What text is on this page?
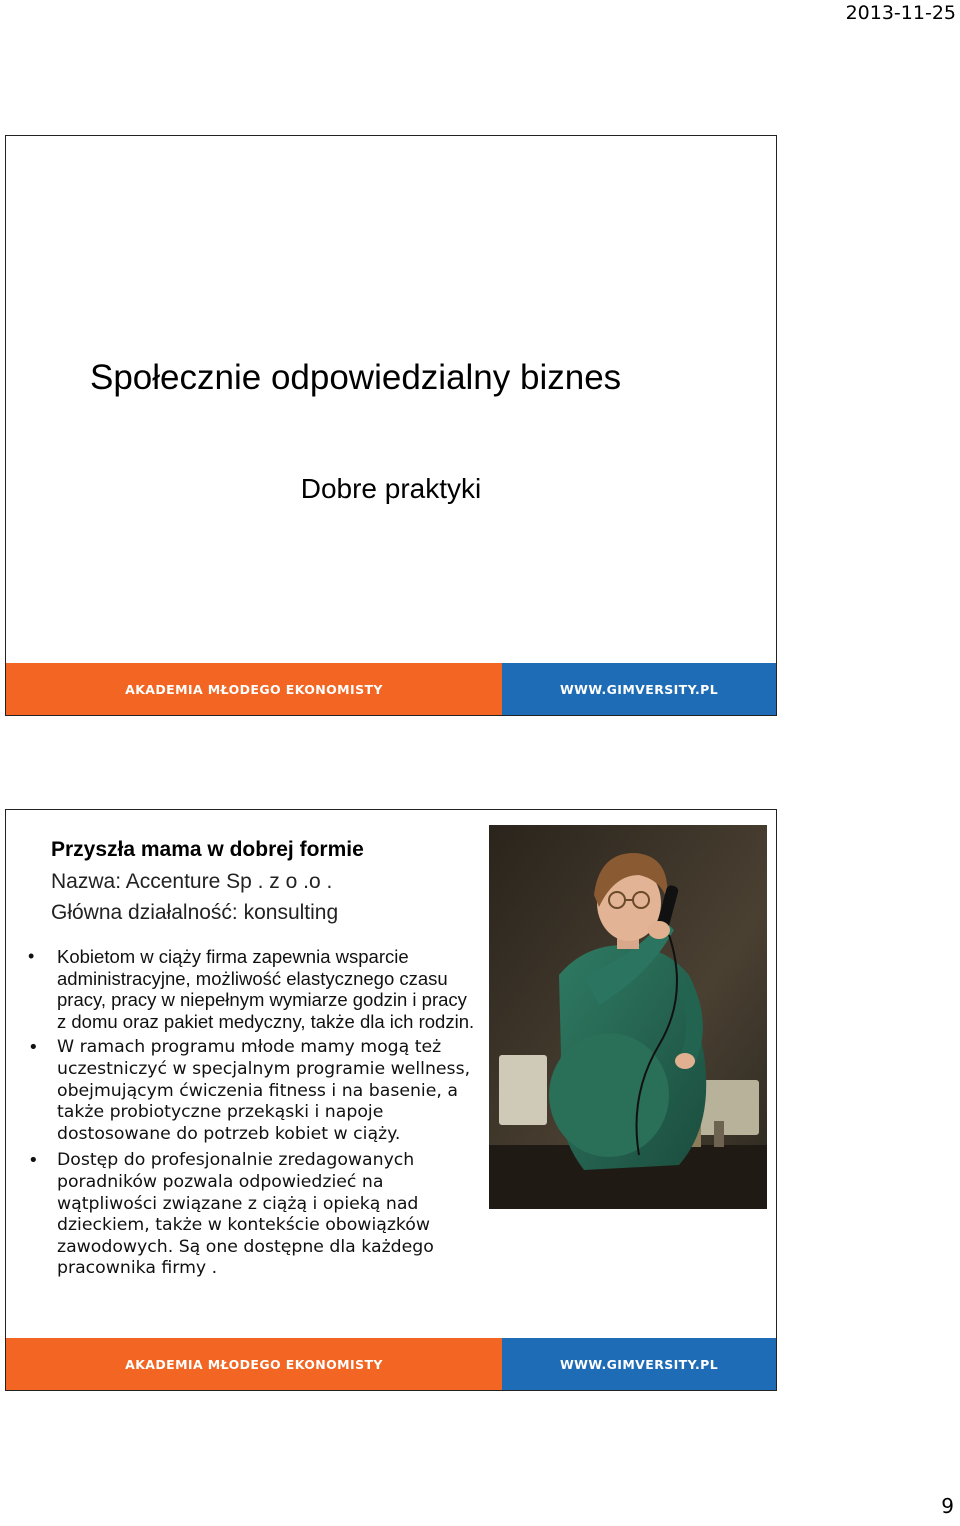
2013-11-25
Społecznie odpowiedzialny biznes
Dobre praktyki
AKADEMIA MŁODEGO EKONOMISTY	WWW.GIMVERSITY.PL
Przyszła mama w dobrej formie
Nazwa: Accenture Sp . z o .o .
Główna działalność: konsulting
• Kobietom w ciąży firma zapewnia wsparcie administracyjne, możliwość elastycznego czasu pracy, pracy w niepełnym wymiarze godzin i pracy z domu oraz pakiet medyczny, także dla ich rodzin.
• W ramach programu młode mamy mogą też uczestniczyć w specjalnym programie wellness, obejmującym ćwiczenia fitness i na basenie, a także probiotyczne przekąski i napoje dostosowane do potrzeb kobiet w ciąży.
• Dostęp do profesjonalnie zredagowanych poradników pozwala odpowiedzieć na wątpliwości związane z ciążą i opieką nad dzieckiem, także w kontekście obowiązków zawodowych. Są one dostępne dla każdego pracownika firmy .
AKADEMIA MŁODEGO EKONOMISTY	WWW.GIMVERSITY.PL
9
